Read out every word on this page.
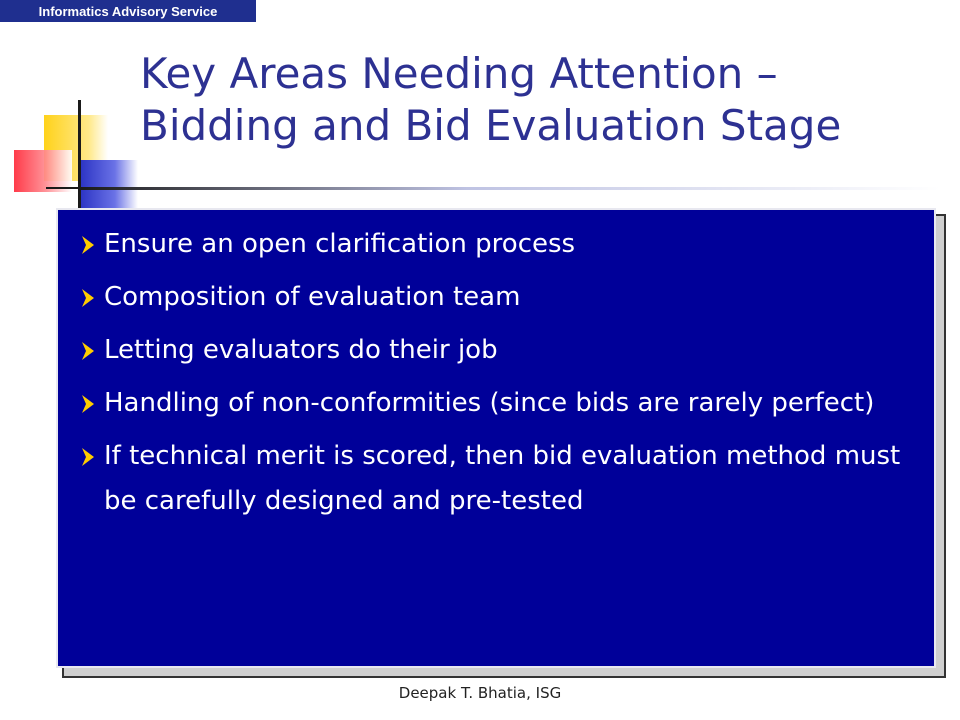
Informatics Advisory Service
Key Areas Needing Attention –
Bidding and Bid Evaluation Stage
Ensure an open clarification process
Composition of evaluation team
Letting evaluators do their job
Handling of non-conformities (since bids are rarely perfect)
If technical merit is scored, then bid evaluation method must be carefully designed and pre-tested
Deepak T. Bhatia, ISG
